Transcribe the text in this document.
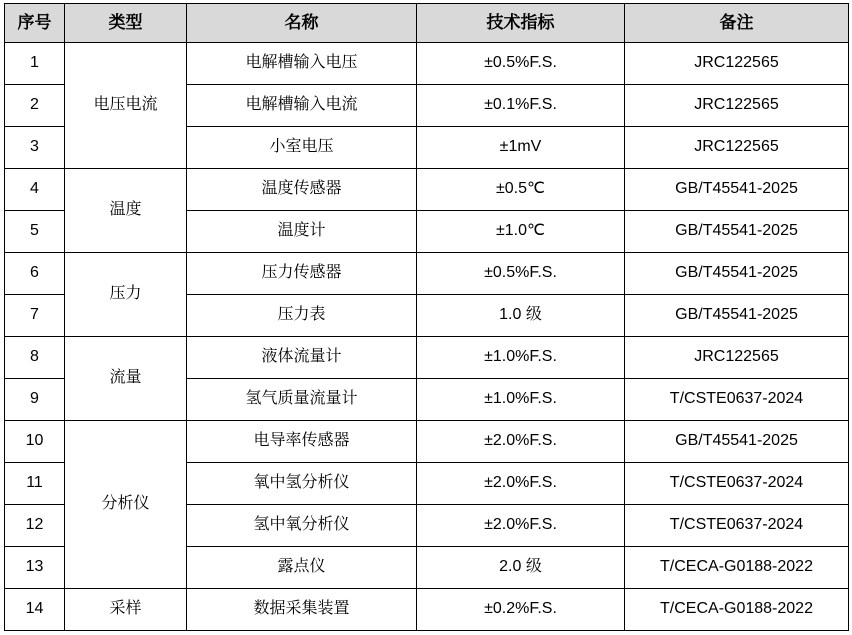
序号	类型	名称	技术指标	备注
1	电压电流	电解槽输入电压	±0.5%F.S.	JRC122565
2		电解槽输入电流	±0.1%F.S.	JRC122565
3		小室电压	±1mV	JRC122565
4	温度	温度传感器	±0.5℃	GB/T45541-2025
5		温度计	±1.0℃	GB/T45541-2025
6	压力	压力传感器	±0.5%F.S.	GB/T45541-2025
7		压力表	1.0 级	GB/T45541-2025
8	流量	液体流量计	±1.0%F.S.	JRC122565
9		氢气质量流量计	±1.0%F.S.	T/CSTE0637-2024
10	分析仪	电导率传感器	±2.0%F.S.	GB/T45541-2025
11		氧中氢分析仪	±2.0%F.S.	T/CSTE0637-2024
12		氢中氧分析仪	±2.0%F.S.	T/CSTE0637-2024
13		露点仪	2.0 级	T/CECA-G0188-2022
14	采样	数据采集装置	±0.2%F.S.	T/CECA-G0188-2022
